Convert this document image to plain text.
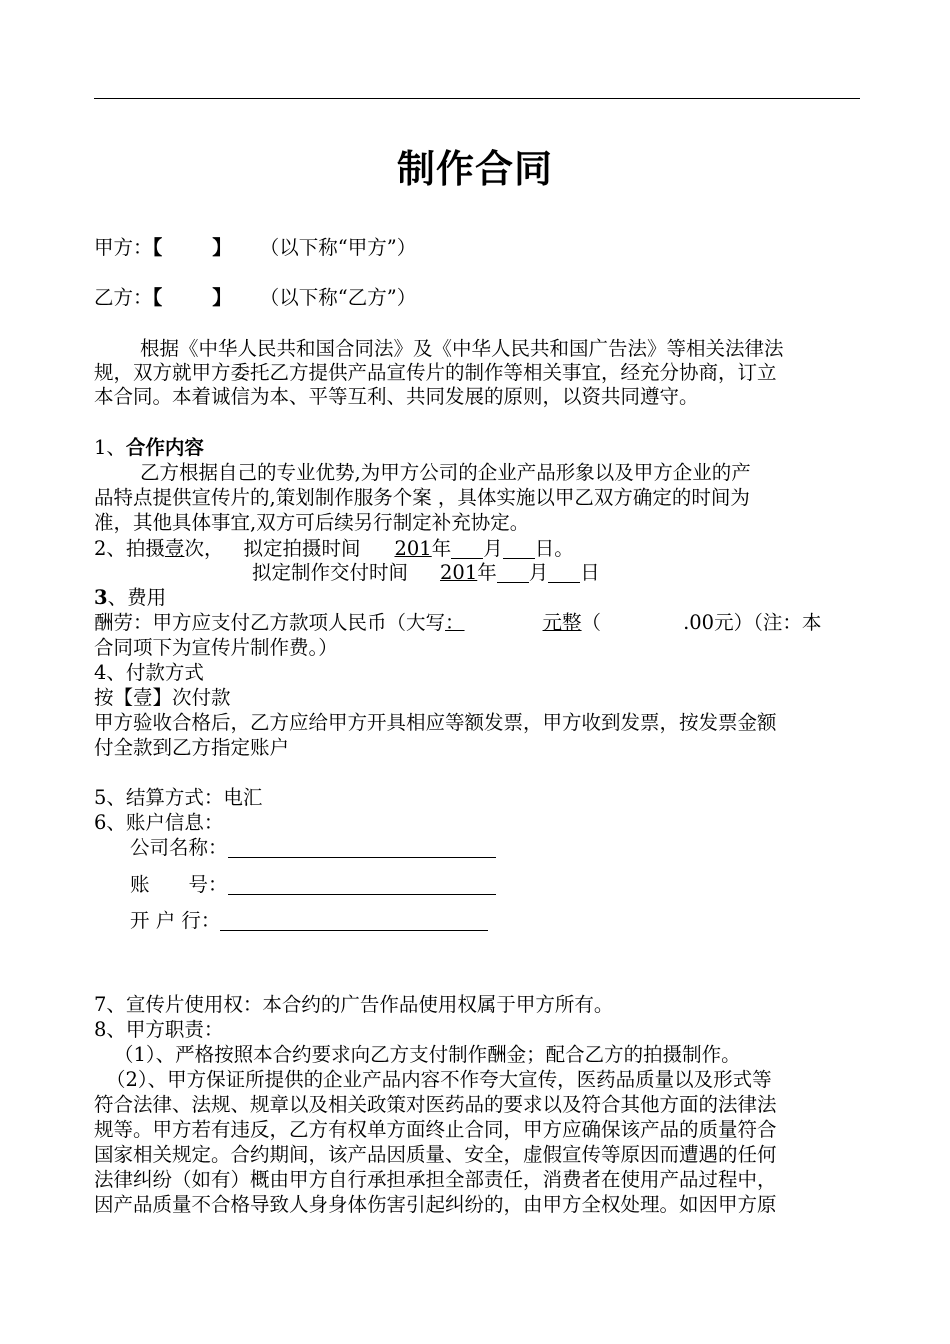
制作合同
甲方：【	】 （以下称“甲方”）
乙方：【	】 （以下称“乙方”）
根据《中华人民共和国合同法》及《中华人民共和国广告法》等相关法律法
规，双方就甲方委托乙方提供产品宣传片的制作等相关事宜，经充分协商，订立
本合同。本着诚信为本、平等互利、共同发展的原则，以资共同遵守。
1、合作内容
乙方根据自己的专业优势,为甲方公司的企业产品形象以及甲方企业的产
品特点提供宣传片的,策划制作服务个案 ，具体实施以甲乙双方确定的时间为
准，其他具体事宜,双方可后续另行制定补充协定。
2、拍摄壹次， 拟定拍摄时间 201年 月 日。
拟定制作交付时间 201年 月 日
3、费用
酬劳：甲方应支付乙方款项人民币（大写：	元整（	.00元）（注：本
合同项下为宣传片制作费。）
4、付款方式
按【壹】次付款
甲方验收合格后，乙方应给甲方开具相应等额发票，甲方收到发票，按发票金额
付全款到乙方指定账户
5、结算方式：电汇
6、账户信息：
公司名称：
账　　号：
开 户 行：
7、宣传片使用权：本合约的广告作品使用权属于甲方所有。
8、甲方职责：
（1）、严格按照本合约要求向乙方支付制作酬金；配合乙方的拍摄制作。
（2）、甲方保证所提供的企业产品内容不作夸大宣传，医药品质量以及形式等
符合法律、法规、规章以及相关政策对医药品的要求以及符合其他方面的法律法
规等。甲方若有违反，乙方有权单方面终止合同，甲方应确保该产品的质量符合
国家相关规定。合约期间，该产品因质量、安全，虚假宣传等原因而遭遇的任何
法律纠纷（如有）概由甲方自行承担承担全部责任，消费者在使用产品过程中，
因产品质量不合格导致人身身体伤害引起纠纷的，由甲方全权处理。如因甲方原
